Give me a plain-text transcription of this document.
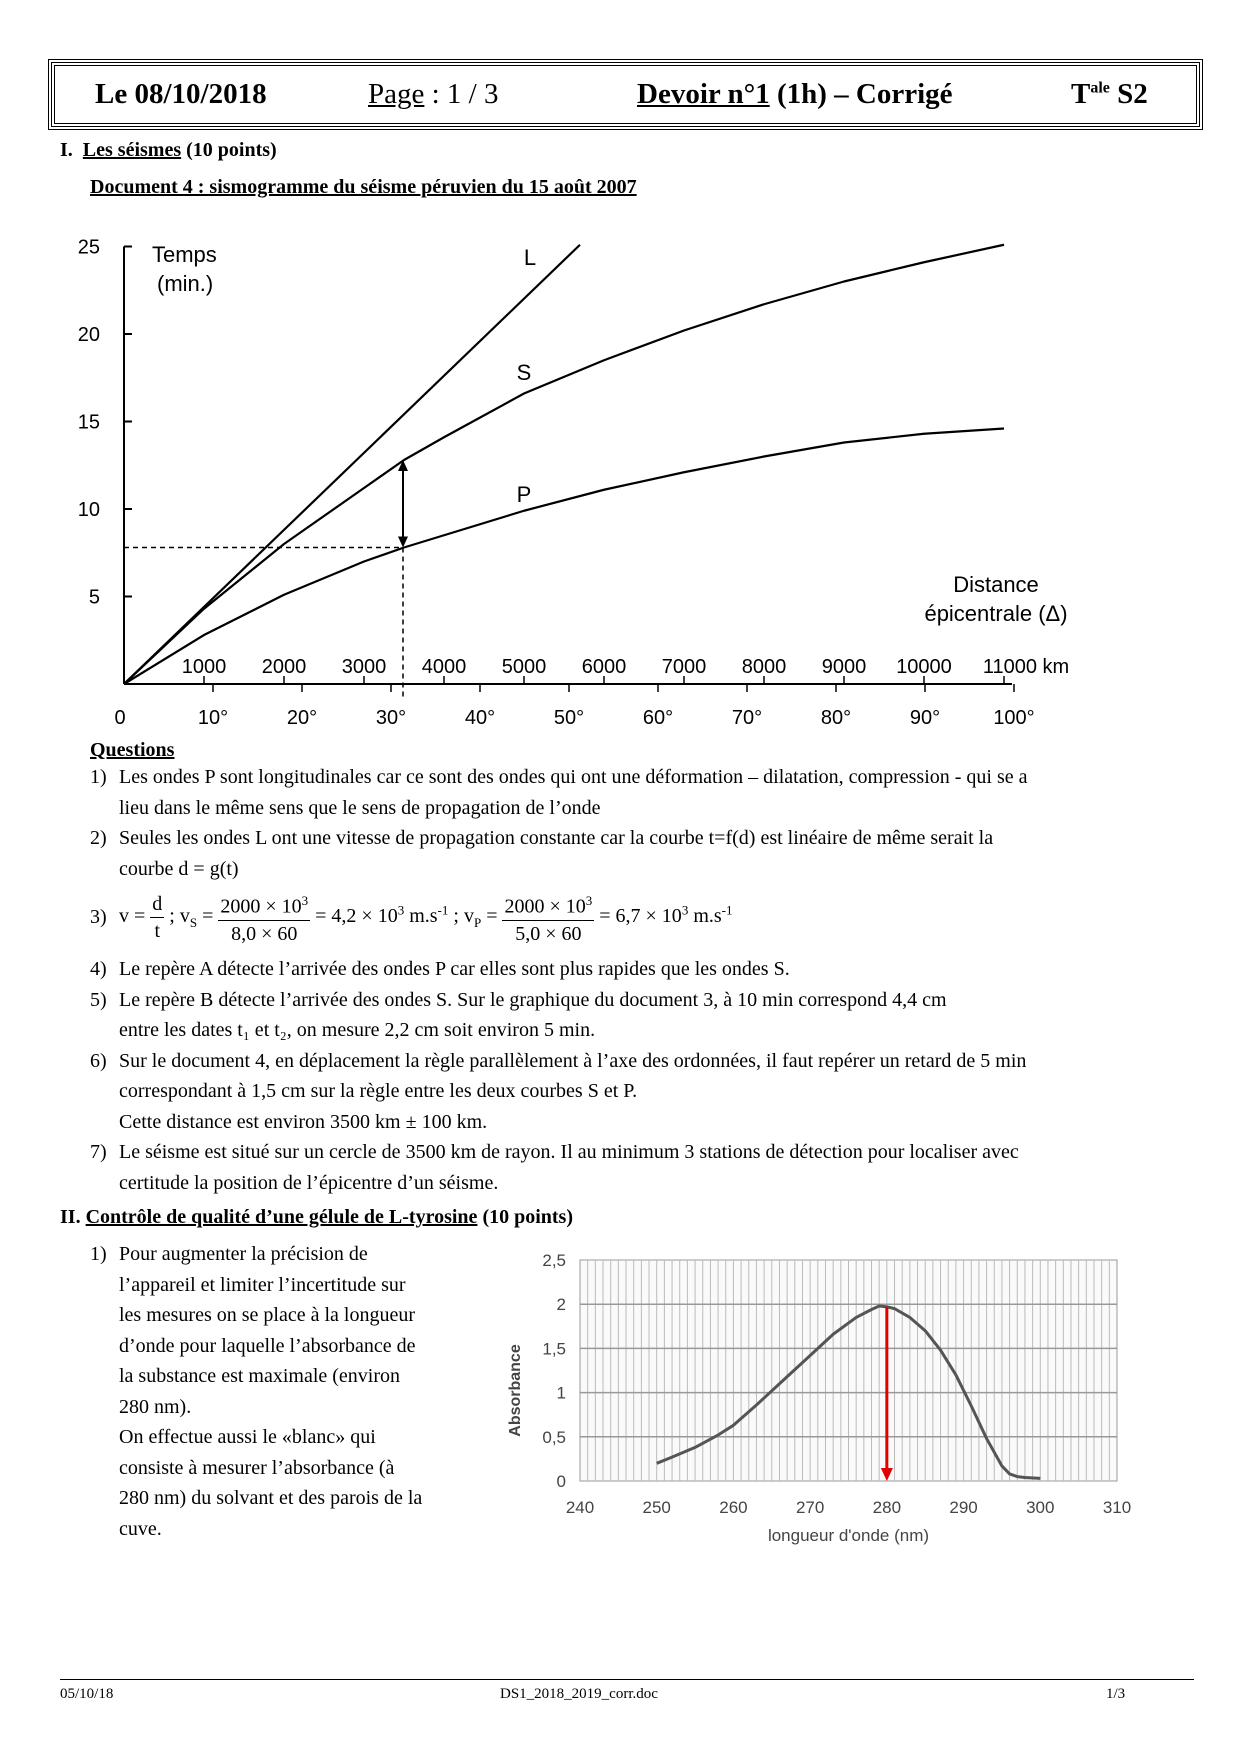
Le 08/10/2018	Page : 1 / 3	Devoir n°1 (1h) – Corrigé	$T^{ale}$ S2
I. Les séismes (10 points)
Document 4 : sismogramme du séisme péruvien du 15 août 2007
5
10
15
20
25
1000 2000 3000 4000 5000 6000 7000 8000 9000 10000 11000 km
0	10°	20°	30°	40°	50°	60°	70°	80°	90°	100°
L
S
P
Temps
(min.)
Distance
épicentrale (Δ)
Questions
1) Les ondes P sont longitudinales car ce sont des ondes qui ont une déformation – dilatation, compression - qui se a
lieu dans le même sens que le sens de propagation de l’onde
2) Seules les ondes L ont une vitesse de propagation constante car la courbe t=f(d) est linéaire de même serait la
courbe d = g(t)
3) $v = \frac{d}{t}$ ; $v_S = \frac{2000 \times 10^3}{8,0 \times 60} = 4,2 \times 10^3$ $m.s^{-1}$ ; $v_P = \frac{2000 \times 10^3}{5,0 \times 60} = 6,7 \times 10^3$ $m.s^{-1}$
4) Le repère A détecte l’arrivée des ondes P car elles sont plus rapides que les ondes S.
5) Le repère B détecte l’arrivée des ondes S. Sur le graphique du document 3, à 10 min correspond 4,4 cm
entre les dates t₁ et t₂, on mesure 2,2 cm soit environ 5 min.
6) Sur le document 4, en déplacement la règle parallèlement à l’axe des ordonnées, il faut repérer un retard de 5 min
correspondant à 1,5 cm sur la règle entre les deux courbes S et P.
Cette distance est environ 3500 km ± 100 km.
7) Le séisme est situé sur un cercle de 3500 km de rayon. Il au minimum 3 stations de détection pour localiser avec
certitude la position de l’épicentre d’un séisme.
II. Contrôle de qualité d’une gélule de L-tyrosine (10 points)
1) Pour augmenter la précision de
l’appareil et limiter l’incertitude sur
les mesures on se place à la longueur
d’onde pour laquelle l’absorbance de
la substance est maximale (environ
280 nm).
On effectue aussi le «blanc» qui
consiste à mesurer l’absorbance (à
280 nm) du solvant et des parois de la
cuve.
240	250	260	270	280	290	300	310
0
0,5
1
1,5
2
2,5
longueur d'onde (nm)
Absorbance
05/10/18	DS1_2018_2019_corr.doc	1/3
